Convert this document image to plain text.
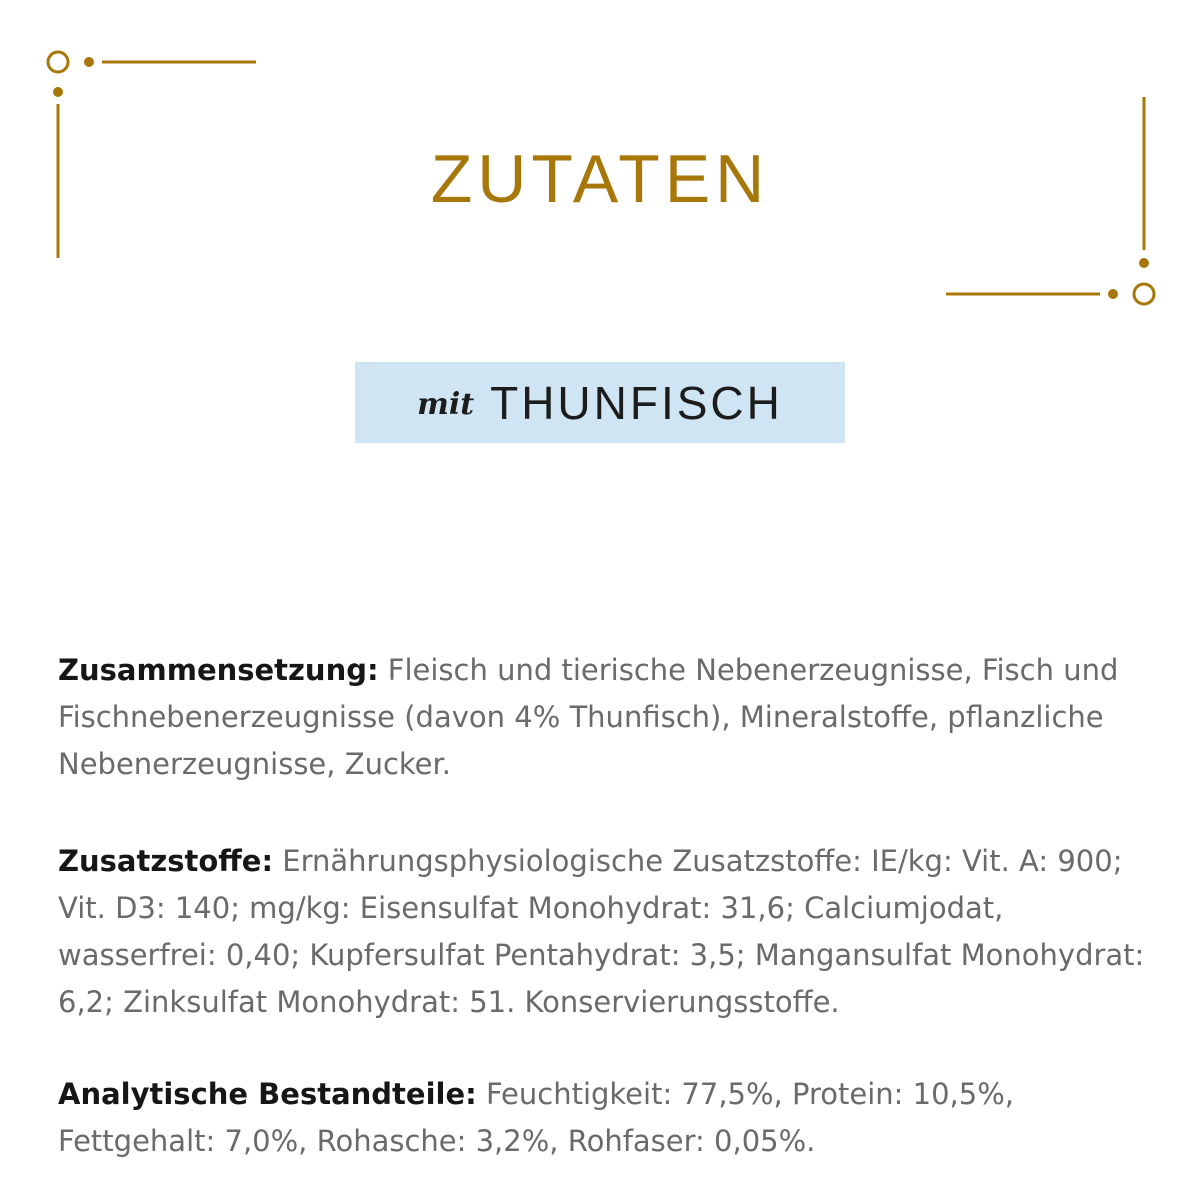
ZUTATEN
mit THUNFISCH
Zusammensetzung: Fleisch und tierische Nebenerzeugnisse, Fisch und Fischnebenerzeugnisse (davon 4% Thunfisch), Mineralstoffe, pflanzliche Nebenerzeugnisse, Zucker.
Zusatzstoffe: Ernährungsphysiologische Zusatzstoffe: IE/kg: Vit. A: 900; Vit. D3: 140; mg/kg: Eisensulfat Monohydrat: 31,6; Calciumjodat, wasserfrei: 0,40; Kupfersulfat Pentahydrat: 3,5; Mangansulfat Monohydrat: 6,2; Zinksulfat Monohydrat: 51. Konservierungsstoffe.
Analytische Bestandteile: Feuchtigkeit: 77,5%, Protein: 10,5%, Fettgehalt: 7,0%, Rohasche: 3,2%, Rohfaser: 0,05%.
